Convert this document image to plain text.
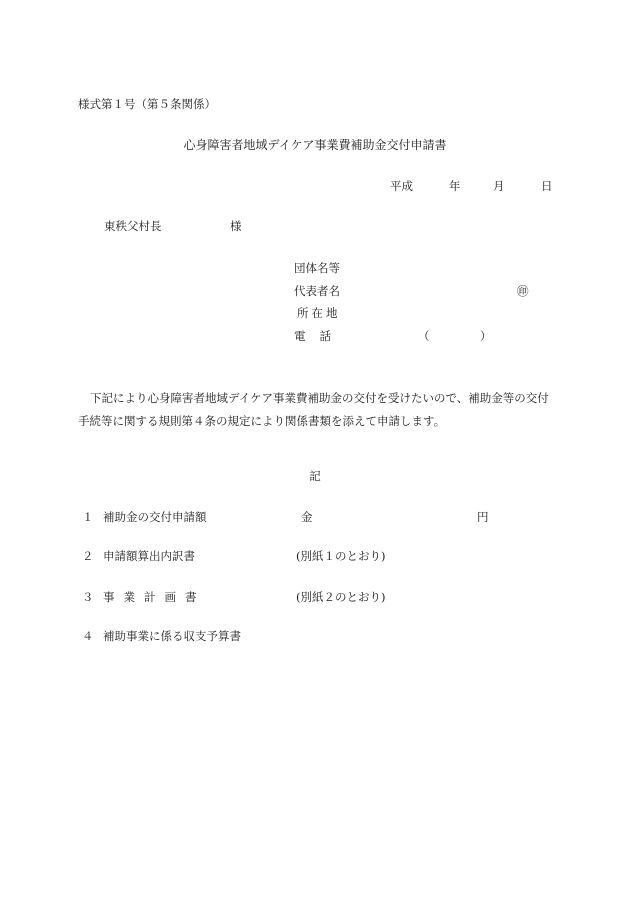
様式第１号（第５条関係）
心身障害者地域デイケア事業費補助金交付申請書
平成	年	月	日
東秩父村長	様
団体名等
代表者名	㊞
所在地
電話	（	）
下記により心身障害者地域デイケア事業費補助金の交付を受けたいので、補助金等の交付手続等に関する規則第４条の規定により関係書類を添えて申請します。
記
１ 補助金の交付申請額	金	円
２ 申請額算出内訳書	(別紙１のとおり)
３ 事業計画書	(別紙２のとおり)
４ 補助事業に係る収支予算書
